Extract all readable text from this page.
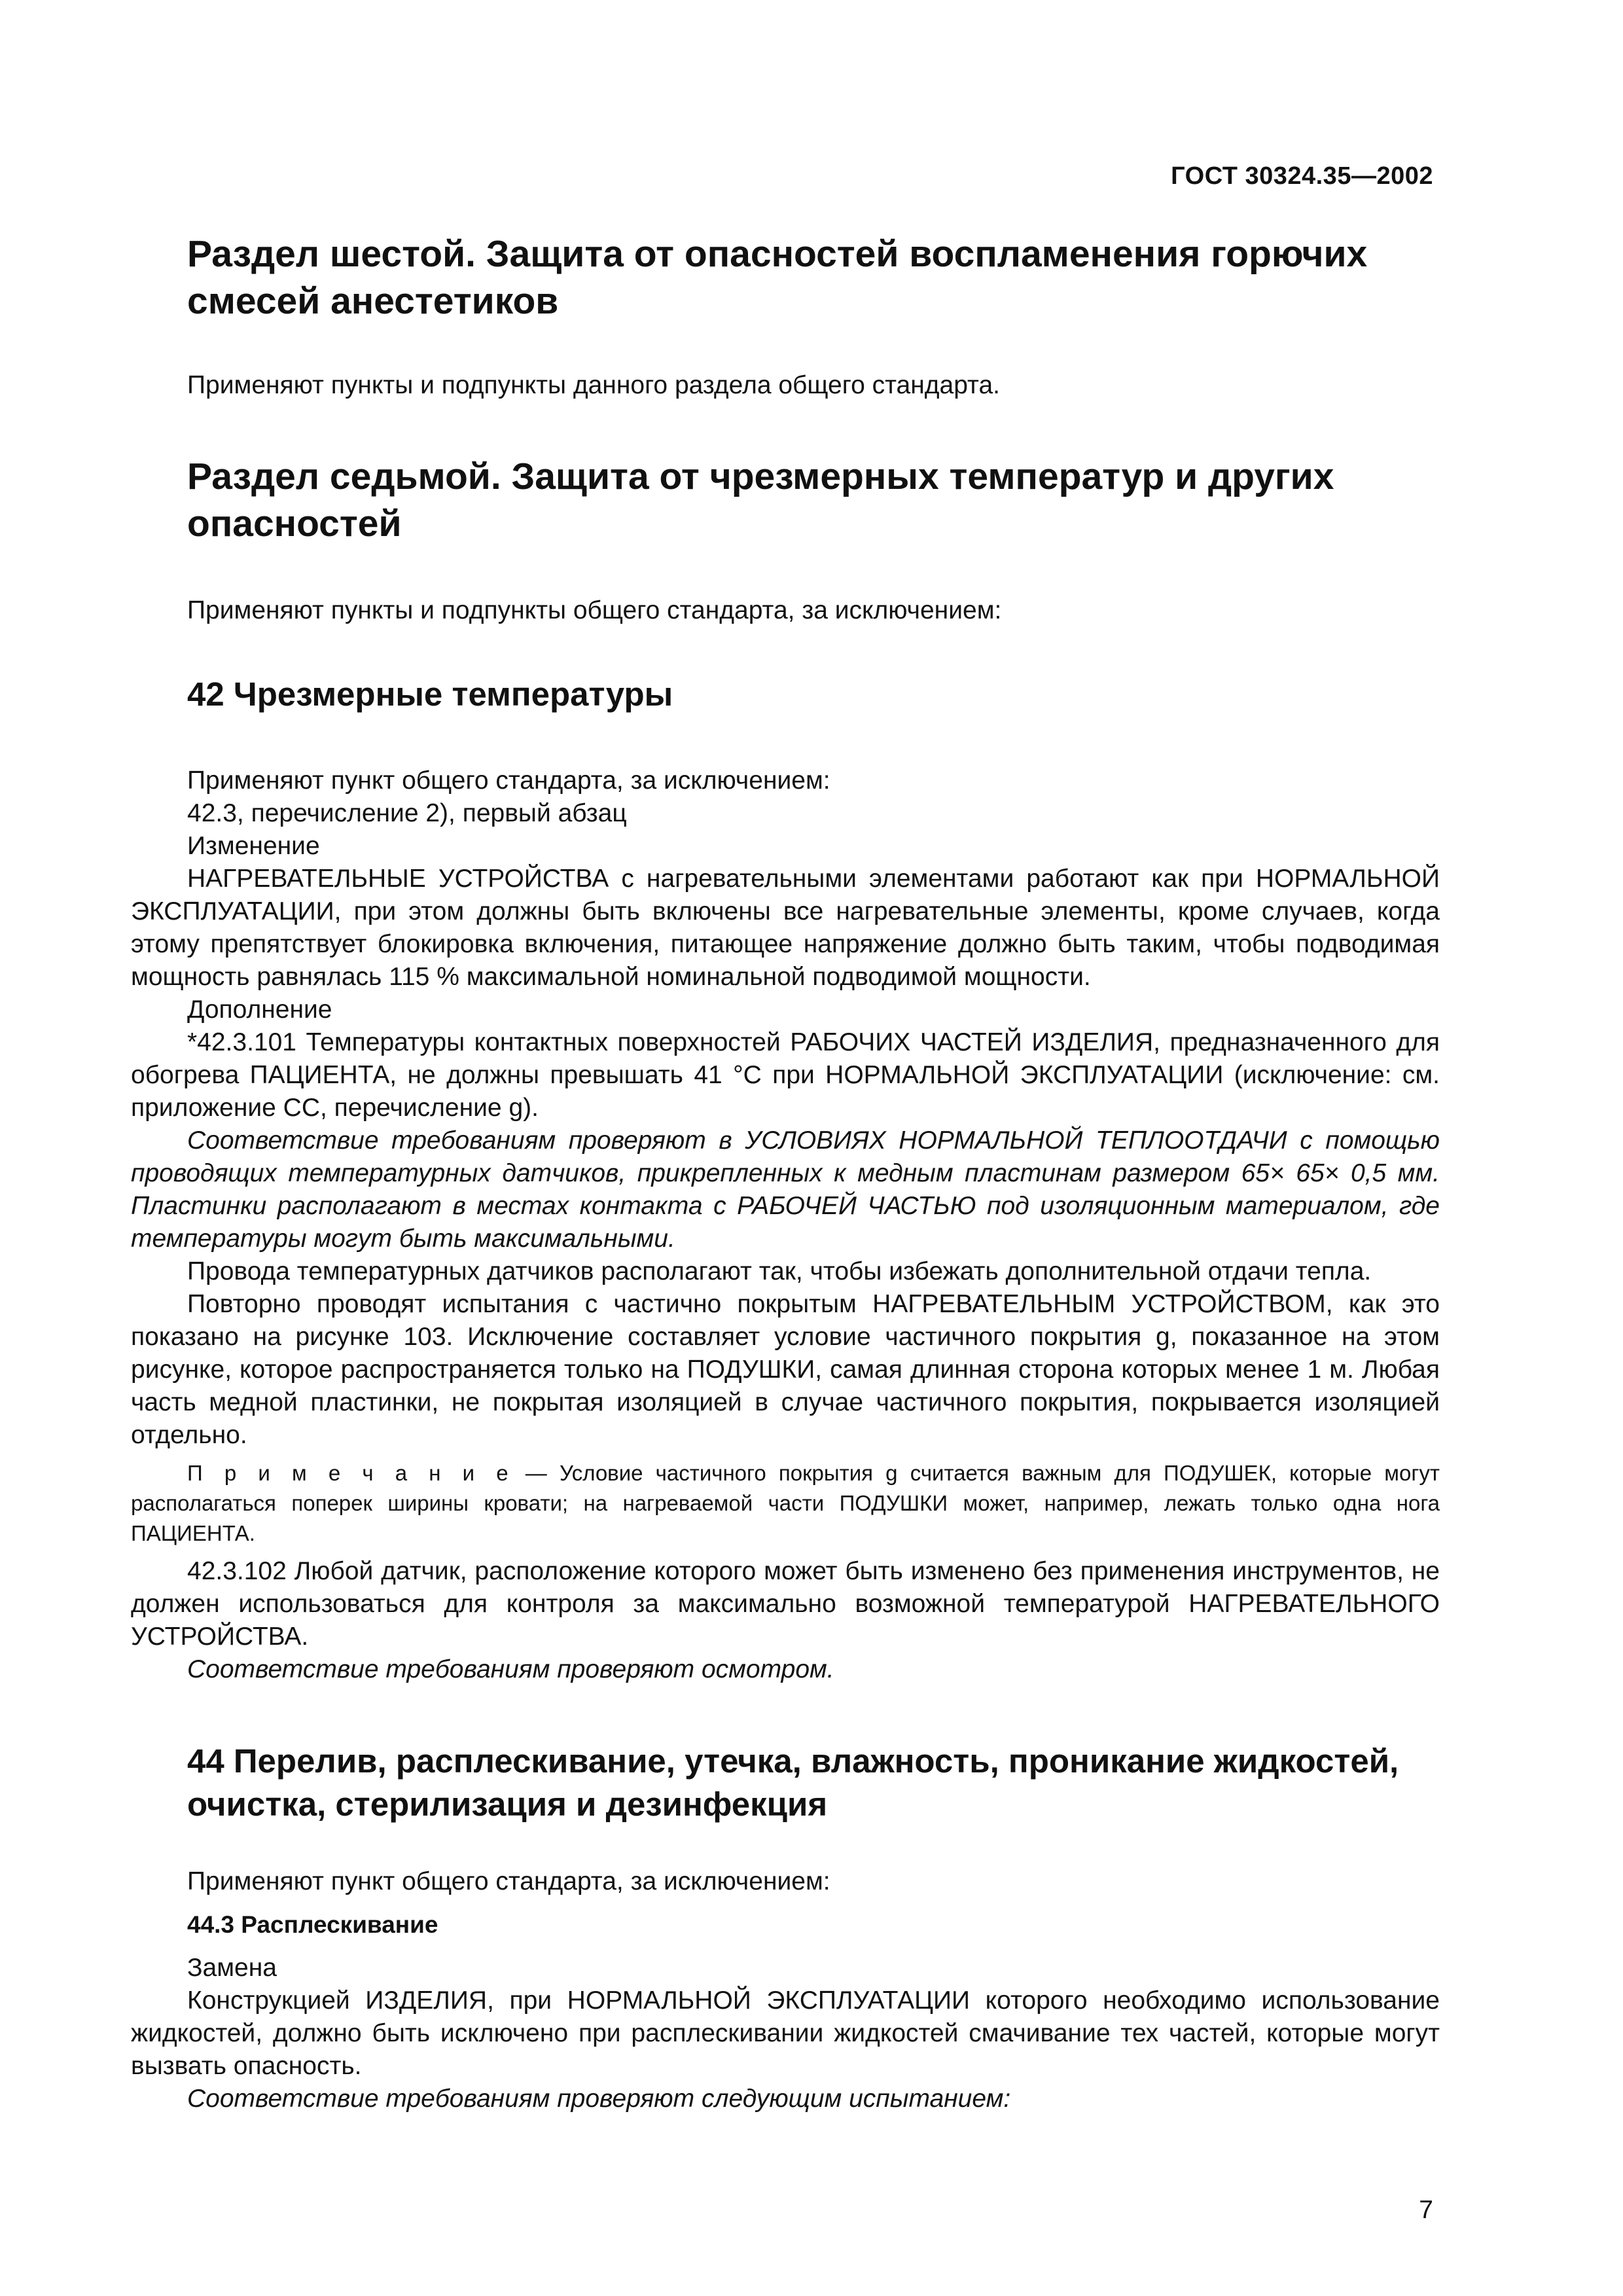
ГОСТ 30324.35—2002
Раздел шестой. Защита от опасностей воспламенения горючих
смесей анестетиков

Применяют пункты и подпункты данного раздела общего стандарта.

Раздел седьмой. Защита от чрезмерных температур и других
опасностей

Применяют пункты и подпункты общего стандарта, за исключением:

42 Чрезмерные температуры

Применяют пункт общего стандарта, за исключением:

42.3, перечисление 2), первый абзац

Изменение

НАГРЕВАТЕЛЬНЫЕ УСТРОЙСТВА с нагревательными элементами работают как при НОРМАЛЬНОЙ ЭКСПЛУАТАЦИИ, при этом должны быть включены все нагревательные элементы, кроме случаев, когда этому препятствует блокировка включения, питающее напряжение должно быть таким, чтобы подводимая мощность равнялась 115 % максимальной номинальной подводимой мощности.

Дополнение

*42.3.101 Температуры контактных поверхностей РАБОЧИХ ЧАСТЕЙ ИЗДЕЛИЯ, предназначенного для обогрева ПАЦИЕНТА, не должны превышать 41 °С при НОРМАЛЬНОЙ ЭКСПЛУАТАЦИИ (исключение: см. приложение СС, перечисление g).

Соответствие требованиям проверяют в УСЛОВИЯХ НОРМАЛЬНОЙ ТЕПЛООТДАЧИ с помощью проводящих температурных датчиков, прикрепленных к медным пластинам размером 65× 65× 0,5 мм. Пластинки располагают в местах контакта с РАБОЧЕЙ ЧАСТЬЮ под изоляционным материалом, где температуры могут быть максимальными.

Провода температурных датчиков располагают так, чтобы избежать дополнительной отдачи тепла.

Повторно проводят испытания с частично покрытым НАГРЕВАТЕЛЬНЫМ УСТРОЙСТВОМ, как это показано на рисунке 103. Исключение составляет условие частичного покрытия g, показанное на этом рисунке, которое распространяется только на ПОДУШКИ, самая длинная сторона которых менее 1 м. Любая часть медной пластинки, не покрытая изоляцией в случае частичного покрытия, покрывается изоляцией отдельно.

П р и м е ч а н и е — Условие частичного покрытия g считается важным для ПОДУШЕК, которые могут располагаться поперек ширины кровати; на нагреваемой части ПОДУШКИ может, например, лежать только одна нога ПАЦИЕНТА.

42.3.102 Любой датчик, расположение которого может быть изменено без применения инструментов, не должен использоваться для контроля за максимально возможной температурой НАГРЕВАТЕЛЬНОГО УСТРОЙСТВА.

Соответствие требованиям проверяют осмотром.

44 Перелив, расплескивание, утечка, влажность, проникание жидкостей,
очистка, стерилизация и дезинфекция

Применяют пункт общего стандарта, за исключением:

44.3 Расплескивание

Замена

Конструкцией ИЗДЕЛИЯ, при НОРМАЛЬНОЙ ЭКСПЛУАТАЦИИ которого необходимо использование жидкостей, должно быть исключено при расплескивании жидкостей смачивание тех частей, которые могут вызвать опасность.

Соответствие требованиям проверяют следующим испытанием:

7
